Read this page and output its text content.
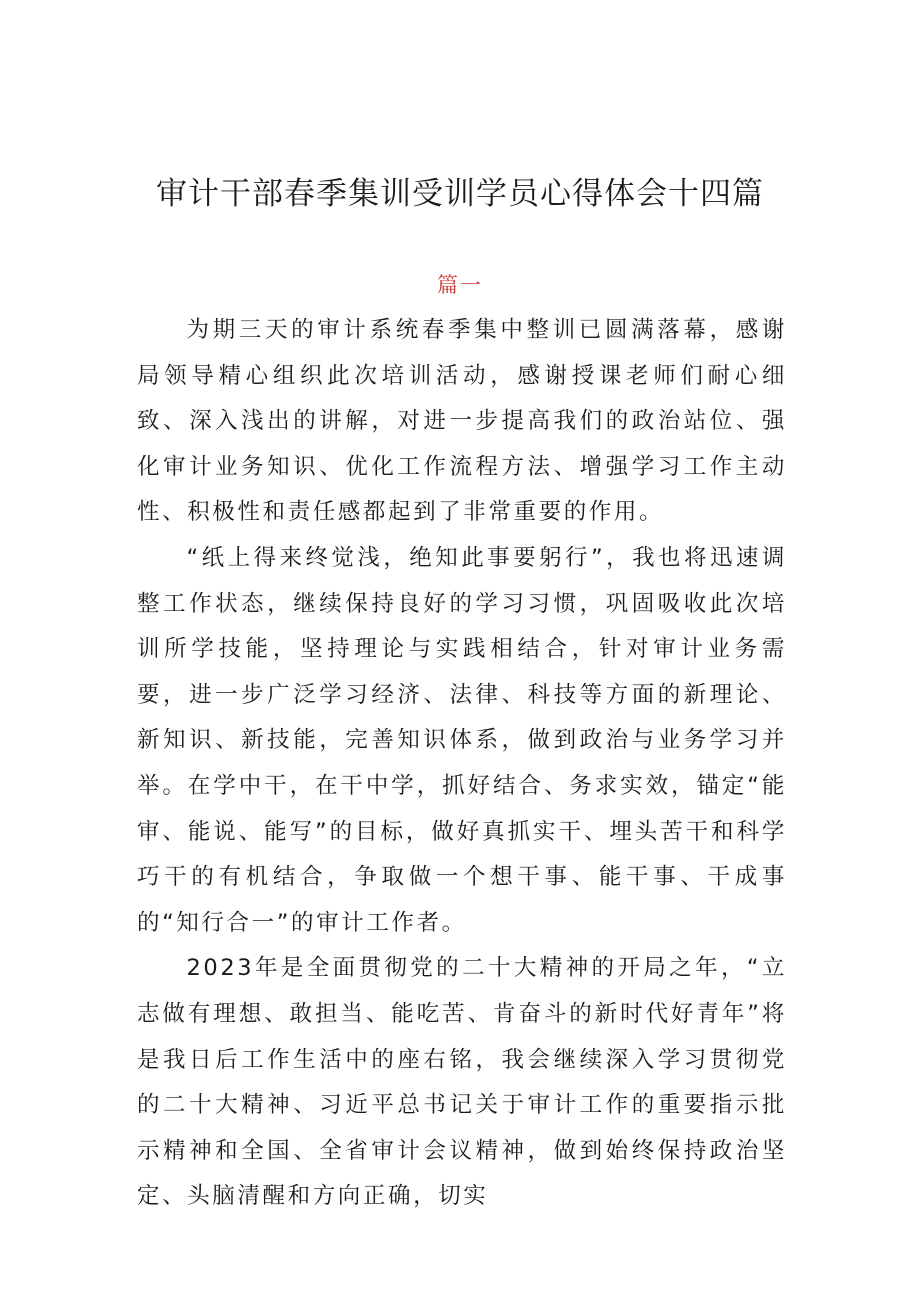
审计干部春季集训受训学员心得体会十四篇
篇一

为期三天的审计系统春季集中整训已圆满落幕，感谢局领导精心组织此次培训活动，感谢授课老师们耐心细致、深入浅出的讲解，对进一步提高我们的政治站位、强化审计业务知识、优化工作流程方法、增强学习工作主动性、积极性和责任感都起到了非常重要的作用。

“纸上得来终觉浅，绝知此事要躬行”，我也将迅速调整工作状态，继续保持良好的学习习惯，巩固吸收此次培训所学技能，坚持理论与实践相结合，针对审计业务需要，进一步广泛学习经济、法律、科技等方面的新理论、新知识、新技能，完善知识体系，做到政治与业务学习并举。在学中干，在干中学，抓好结合、务求实效，锚定“能审、能说、能写”的目标，做好真抓实干、埋头苦干和科学巧干的有机结合，争取做一个想干事、能干事、干成事的“知行合一”的审计工作者。

2023年是全面贯彻党的二十大精神的开局之年，“立志做有理想、敢担当、能吃苦、肯奋斗的新时代好青年”将是我日后工作生活中的座右铭，我会继续深入学习贯彻党的二十大精神、习近平总书记关于审计工作的重要指示批示精神和全国、全省审计会议精神，做到始终保持政治坚定、头脑清醒和方向正确，切实
